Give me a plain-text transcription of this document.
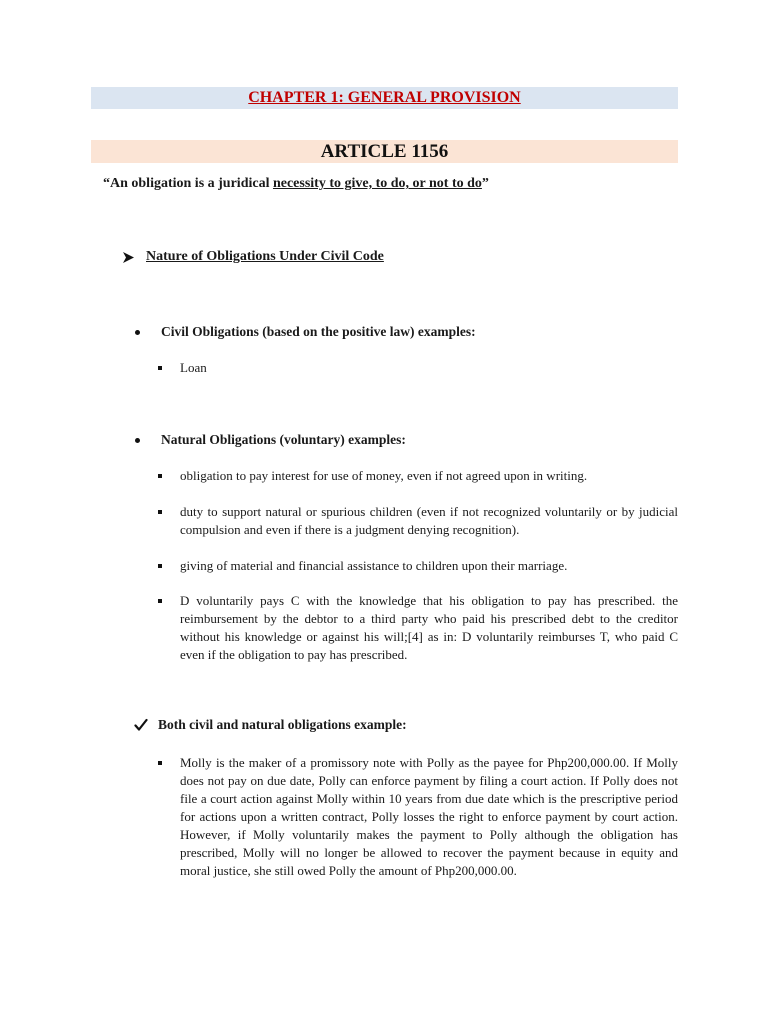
CHAPTER 1: GENERAL PROVISION
ARTICLE 1156
“An obligation is a juridical necessity to give, to do, or not to do”
Nature of Obligations Under Civil Code
Civil Obligations (based on the positive law) examples:
Loan
Natural Obligations (voluntary) examples:
obligation to pay interest for use of money, even if not agreed upon in writing.
duty to support natural or spurious children (even if not recognized voluntarily or by judicial compulsion and even if there is a judgment denying recognition).
giving of material and financial assistance to children upon their marriage.
D voluntarily pays C with the knowledge that his obligation to pay has prescribed. the reimbursement by the debtor to a third party who paid his prescribed debt to the creditor without his knowledge or against his will;[4] as in: D voluntarily reimburses T, who paid C even if the obligation to pay has prescribed.
Both civil and natural obligations example:
Molly is the maker of a promissory note with Polly as the payee for Php200,000.00. If Molly does not pay on due date, Polly can enforce payment by filing a court action. If Polly does not file a court action against Molly within 10 years from due date which is the prescriptive period for actions upon a written contract, Polly losses the right to enforce payment by court action. However, if Molly voluntarily makes the payment to Polly although the obligation has prescribed, Molly will no longer be allowed to recover the payment because in equity and moral justice, she still owed Polly the amount of Php200,000.00.
